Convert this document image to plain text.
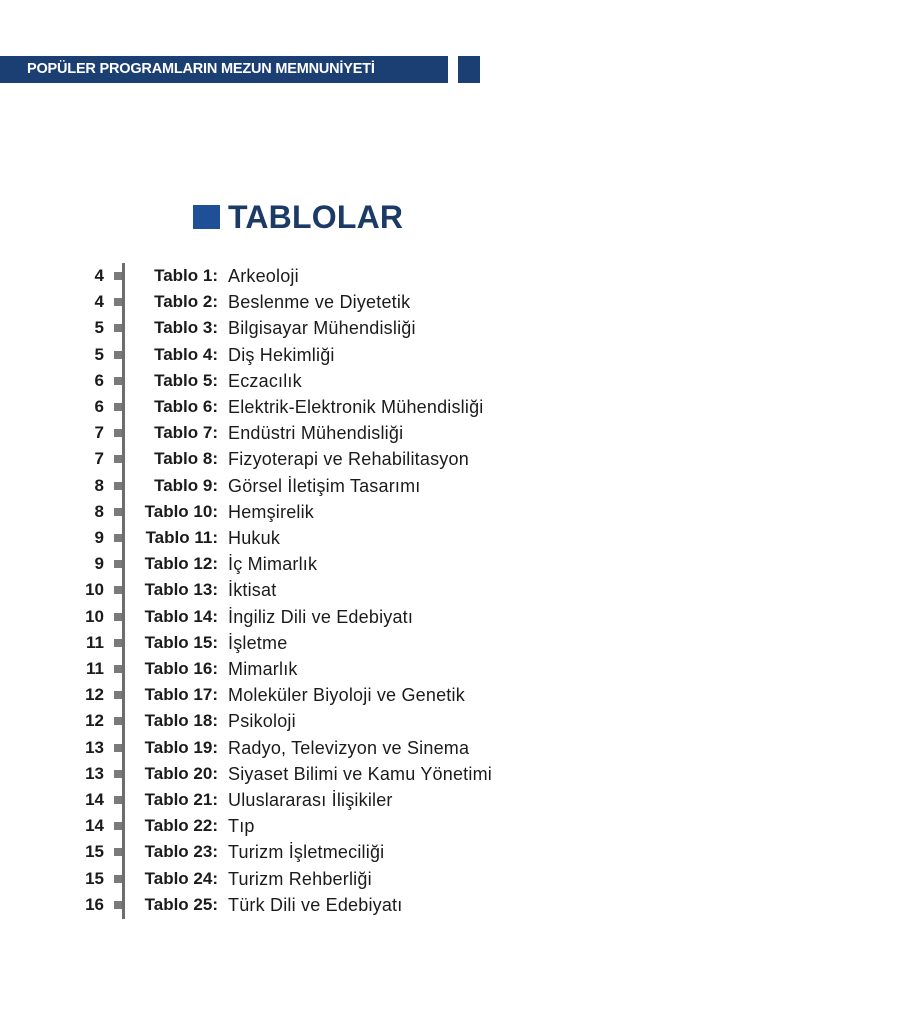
POPÜLER PROGRAMLARIN MEZUN MEMNUNİYETİ
TABLOLAR
4	Tablo 1: Arkeoloji
4	Tablo 2: Beslenme ve Diyetetik
5	Tablo 3: Bilgisayar Mühendisliği
5	Tablo 4: Diş Hekimliği
6	Tablo 5: Eczacılık
6	Tablo 6: Elektrik-Elektronik Mühendisliği
7	Tablo 7: Endüstri Mühendisliği
7	Tablo 8: Fizyoterapi ve Rehabilitasyon
8	Tablo 9: Görsel İletişim Tasarımı
8 Tablo 10: Hemşirelik
9 Tablo 11: Hukuk
9 Tablo 12: İç Mimarlık
10 Tablo 13: İktisat
10 Tablo 14: İngiliz Dili ve Edebiyatı
11 Tablo 15: İşletme
11 Tablo 16: Mimarlık
12 Tablo 17: Moleküler Biyoloji ve Genetik
12 Tablo 18: Psikoloji
13 Tablo 19: Radyo, Televizyon ve Sinema
13 Tablo 20: Siyaset Bilimi ve Kamu Yönetimi
14 Tablo 21: Uluslararası İlişikiler
14 Tablo 22: Tıp
15 Tablo 23: Turizm İşletmeciliği
15 Tablo 24: Turizm Rehberliği
16 Tablo 25: Türk Dili ve Edebiyatı
